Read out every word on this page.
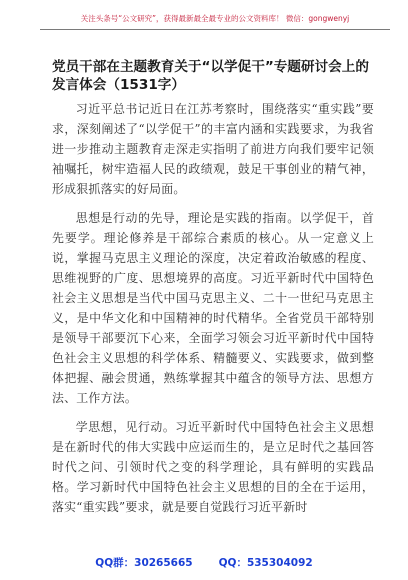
关注头条号“公文研究”，获得最新最全最专业的公文资料库！ 微信：gongwenyj
党员干部在主题教育关于“以学促干”专题研讨会上的发言体会（1531字）

习近平总书记近日在江苏考察时，围绕落实“重实践”要求，深刻阐述了“以学促干”的丰富内涵和实践要求，为我省进一步推动主题教育走深走实指明了前进方向我们要牢记领袖嘱托，树牢造福人民的政绩观，鼓足干事创业的精气神，形成狠抓落实的好局面。

思想是行动的先导，理论是实践的指南。以学促干，首先要学。理论修养是干部综合素质的核心。从一定意义上说，掌握马克思主义理论的深度，决定着政治敏感的程度、思维视野的广度、思想境界的高度。习近平新时代中国特色社会主义思想是当代中国马克思主义、二十一世纪马克思主义，是中华文化和中国精神的时代精华。全省党员干部特别是领导干部要沉下心来，全面学习领会习近平新时代中国特色社会主义思想的科学体系、精髓要义、实践要求，做到整体把握、融会贯通，熟练掌握其中蕴含的领导方法、思想方法、工作方法。

学思想，见行动。习近平新时代中国特色社会主义思想是在新时代的伟大实践中应运而生的，是立足时代之基回答时代之问、引领时代之变的科学理论，具有鲜明的实践品格。学习新时代中国特色社会主义思想的目的全在于运用，落实“重实践”要求，就是要自觉践行习近平新时

QQ群：30265665 QQ：535304092
